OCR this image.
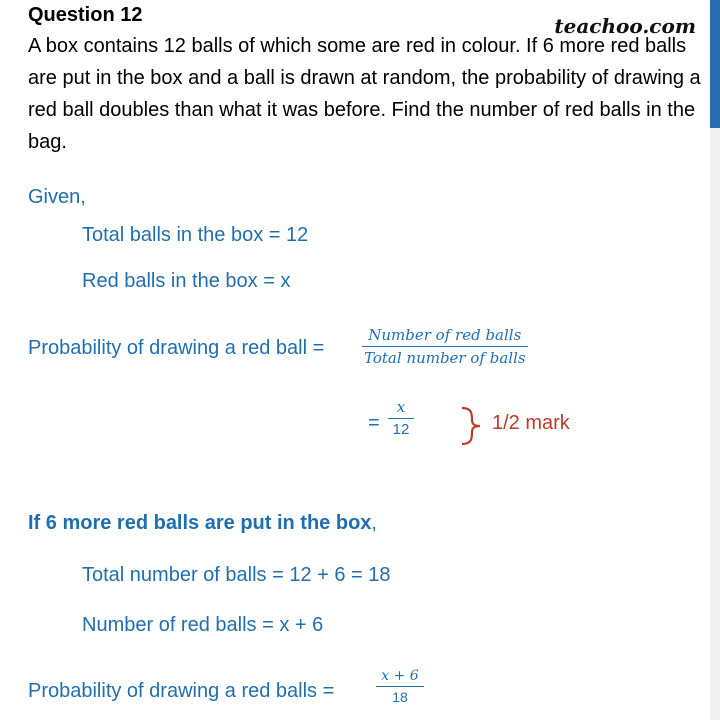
Question 12	teachoo.com
A box contains 12 balls of which some are red in colour. If 6 more red balls are put in the box and a ball is drawn at random, the probability of drawing a red ball doubles than what it was before. Find the number of red balls in the bag.
Given,
Total balls in the box = 12
Red balls in the box = x
Probability of drawing a red ball =
Number of red balls
Total number of balls
=
x
12	1/2 mark
If 6 more red balls are put in the box,
Total number of balls = 12 + 6 = 18
Number of red balls = x + 6
Probability of drawing a red balls =
x + 6
18
